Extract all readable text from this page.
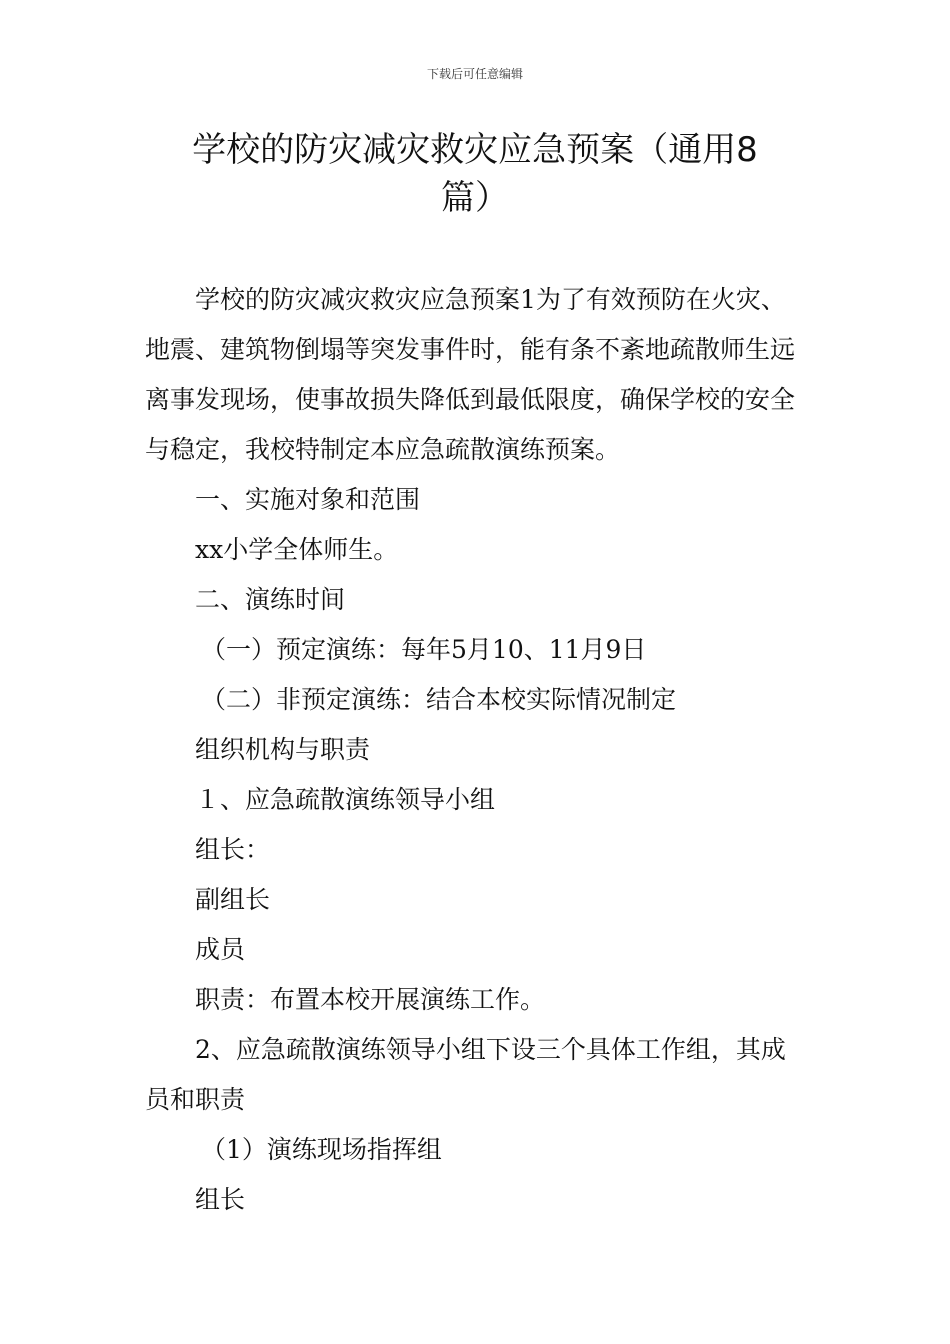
下载后可任意编辑
学校的防灾减灾救灾应急预案（通用8
篇）

学校的防灾减灾救灾应急预案1为了有效预防在火灾、地震、建筑物倒塌等突发事件时，能有条不紊地疏散师生远离事发现场，使事故损失降低到最低限度，确保学校的安全与稳定，我校特制定本应急疏散演练预案。

一、实施对象和范围

xx小学全体师生。

二、演练时间

（一）预定演练：每年5月10、11月9日

（二）非预定演练：结合本校实际情况制定

组织机构与职责

１、应急疏散演练领导小组

组长：

副组长

成员

职责：布置本校开展演练工作。

2、应急疏散演练领导小组下设三个具体工作组，其成员和职责

（1）演练现场指挥组

组长
